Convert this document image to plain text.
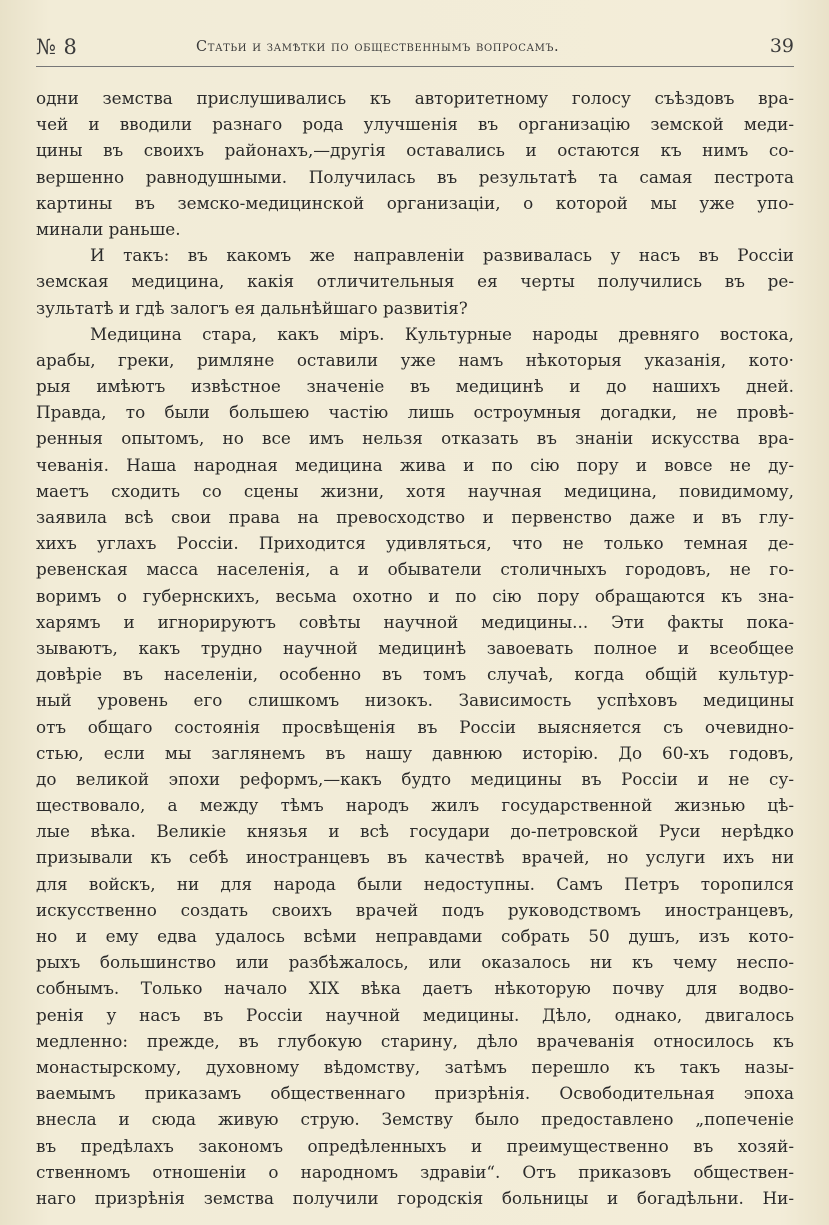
№ 8	Статьи и замѣтки по общественнымъ вопросамъ.	39
одни земства прислушивались къ авторитетному голосу съѣздовъ вра-
чей и вводили разнаго рода улучшенія въ организацію земской меди-
цины въ своихъ районахъ,—другія оставались и остаются къ нимъ со-
вершенно равнодушными. Получилась въ результатѣ та самая пестрота
картины въ земско-медицинской организаціи, о которой мы уже упо-
минали раньше.
И такъ: въ какомъ же направленіи развивалась у насъ въ Россіи
земская медицина, какія отличительныя ея черты получились въ ре-
зультатѣ и гдѣ залогъ ея дальнѣйшаго развитія?
Медицина стара, какъ міръ. Культурные народы древняго востока,
арабы, греки, римляне оставили уже намъ нѣкоторыя указанія, кото·
рыя имѣютъ извѣстное значеніе въ медицинѣ и до нашихъ дней.
Правда, то были большею частію лишь остроумныя догадки, не провѣ-
ренныя опытомъ, но все имъ нельзя отказать въ знаніи искусства вра-
чеванія. Наша народная медицина жива и по сію пору и вовсе не ду-
маетъ сходить со сцены жизни, хотя научная медицина, повидимому,
заявила всѣ свои права на превосходство и первенство даже и въ глу-
хихъ углахъ Россіи. Приходится удивляться, что не только темная де-
ревенская масса населенія, а и обыватели столичныхъ городовъ, не го-
воримъ о губернскихъ, весьма охотно и по сію пору обращаются къ зна-
харямъ и игнорируютъ совѣты научной медицины... Эти факты пока-
зываютъ, какъ трудно научной медицинѣ завоевать полное и всеобщее
довѣріе въ населеніи, особенно въ томъ случаѣ, когда общій культур-
ный уровень его слишкомъ низокъ. Зависимость успѣховъ медицины
отъ общаго состоянія просвѣщенія въ Россіи выясняется съ очевидно-
стью, если мы заглянемъ въ нашу давнюю исторію. До 60-хъ годовъ,
до великой эпохи реформъ,—какъ будто медицины въ Россіи и не су-
ществовало, а между тѣмъ народъ жилъ государственной жизнью цѣ-
лые вѣка. Великіе князья и всѣ государи до-петровской Руси нерѣдко
призывали къ себѣ иностранцевъ въ качествѣ врачей, но услуги ихъ ни
для войскъ, ни для народа были недоступны. Самъ Петръ торопился
искусственно создать своихъ врачей подъ руководствомъ иностранцевъ,
но и ему едва удалось всѣми неправдами собрать 50 душъ, изъ кото-
рыхъ большинство или разбѣжалось, или оказалось ни къ чему неспо-
собнымъ. Только начало XIX вѣка даетъ нѣкоторую почву для водво-
ренія у насъ въ Россіи научной медицины. Дѣло, однако, двигалось
медленно: прежде, въ глубокую старину, дѣло врачеванія относилось къ
монастырскому, духовному вѣдомству, затѣмъ перешло къ такъ назы-
ваемымъ приказамъ общественнаго призрѣнія. Освободительная эпоха
внесла и сюда живую струю. Земству было предоставлено „попеченіе
въ предѣлахъ закономъ опредѣленныхъ и преимущественно въ хозяй-
ственномъ отношеніи о народномъ здравіи“. Отъ приказовъ обществен-
наго призрѣнія земства получили городскія больницы и богадѣльни. Ни-
